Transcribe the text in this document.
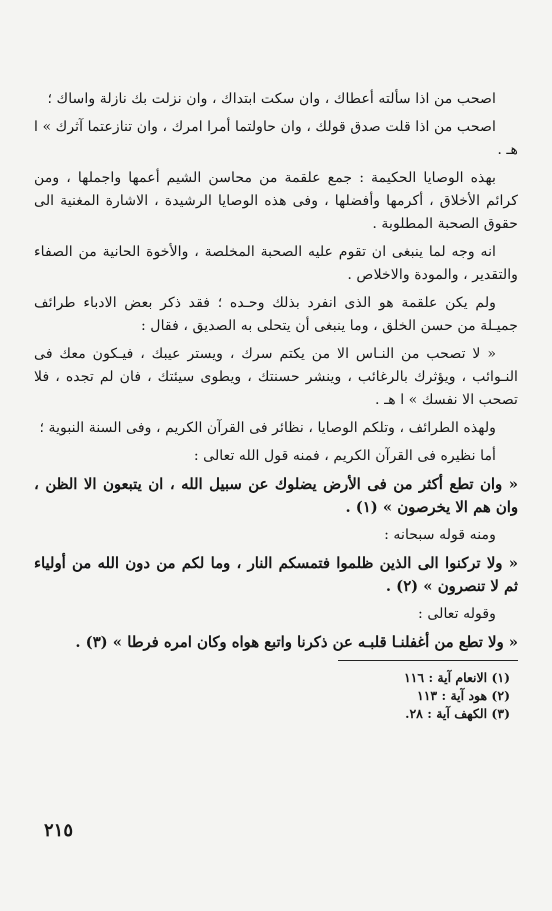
اصحب من اذا سألته أعطاك ، وان سكت ابتداك ، وان نزلت بك نازلة واساك ؛

اصحب من اذا قلت صدق قولك ، وان حاولتما أمرا امرك ، وان تنازعتما آثرك » ا هـ .

بهذه الوصايا الحكيمة : جمع علقمة من محاسن الشيم أعمها واجملها ، ومن كرائم الأخلاق ، أكرمها وأفضلها ، وفى هذه الوصايا الرشيدة ، الاشارة المغنية الى حقوق الصحبة المطلوبة .

انه وجه لما ينبغى ان تقوم عليه الصحبة المخلصة ، والأخوة الحانية من الصفاء والتقدير ، والمودة والاخلاص .

ولم يكن علقمة هو الذى انفرد بذلك وحـده ؛ فقد ذكر بعض الادباء طرائف جميـلة من حسن الخلق ، وما ينبغى أن يتحلى به الصديق ، فقال :

« لا تصحب من النـاس الا من يكتم سرك ، ويستر عيبك ، فيـكون معك فى النـوائب ، ويؤثرك بالرغائب ، وينشر حسنتك ، ويطوى سيئتك ، فان لم تجده ، فلا تصحب الا نفسك » ا هـ .

ولهذه الطرائف ، وتلكم الوصايا ، نظائر فى القرآن الكريم ، وفى السنة النبوية ؛

أما نظيره فى القرآن الكريم ، فمنه قول الله تعالى :

« وان تطع أكثر من فى الأرض يضلوك عن سبيل الله ، ان يتبعون الا الظن ، وان هم الا يخرصون » (١) .

ومنه قوله سبحانه :

« ولا تركنوا الى الذين ظلموا فتمسكم النار ، وما لكم من دون الله من أولياء ثم لا تنصرون » (٢) .

وقوله تعالى :

« ولا تطع من أغفلنـا قلبـه عن ذكرنا واتبع هواه وكان امره فرطا » (٣) .

(١) الانعام آية : ١١٦

(٢) هود آية : ١١٣

(٣) الكهف آية : ٢٨.

٢١٥
